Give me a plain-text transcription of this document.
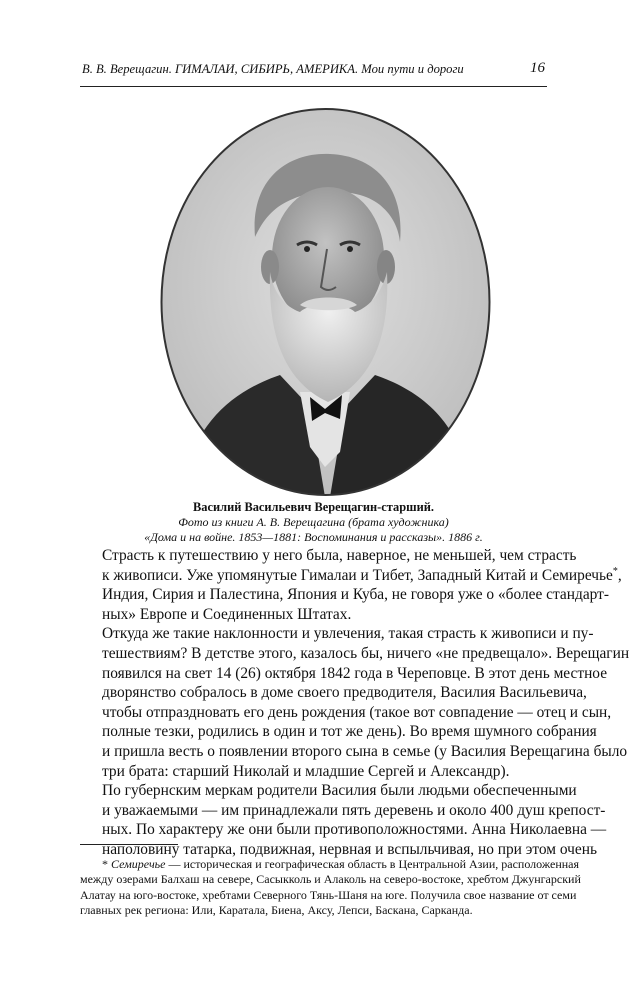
В. В. Верещагин. ГИМАЛАИ, СИБИРЬ, АМЕРИКА. Мои пути и дороги	16
Василий Васильевич Верещагин-старший.
Фото из книги А. В. Верещагина (брата художника)
«Дома и на войне. 1853—1881: Воспоминания и рассказы». 1886 г.

Страсть к путешествию у него была, наверное, не меньшей, чем страсть
к живописи. Уже упомянутые Гималаи и Тибет, Западный Китай и Семиречье*,
Индия, Сирия и Палестина, Япония и Куба, не говоря уже о «более стандарт-
ных» Европе и Соединенных Штатах.

Откуда же такие наклонности и увлечения, такая страсть к живописи и пу-
тешествиям? В детстве этого, казалось бы, ничего «не предвещало». Верещагин
появился на свет 14 (26) октября 1842 года в Череповце. В этот день местное
дворянство собралось в доме своего предводителя, Василия Васильевича,
чтобы отпраздновать его день рождения (такое вот совпадение — отец и сын,
полные тезки, родились в один и тот же день). Во время шумного собрания
и пришла весть о появлении второго сына в семье (у Василия Верещагина было
три брата: старший Николай и младшие Сергей и Александр).

По губернским меркам родители Василия были людьми обеспеченными
и уважаемыми — им принадлежали пять деревень и около 400 душ крепост-
ных. По характеру же они были противоположностями. Анна Николаевна —
наполовину татарка, подвижная, нервная и вспыльчивая, но при этом очень

* Семиречье — историческая и географическая область в Центральной Азии, расположенная
между озерами Балхаш на севере, Сасыкколь и Алаколь на северо-востоке, хребтом Джунгарский
Алатау на юго-востоке, хребтами Северного Тянь-Шаня на юге. Получила свое название от семи
главных рек региона: Или, Каратала, Биена, Аксу, Лепси, Баскана, Сарканда.
